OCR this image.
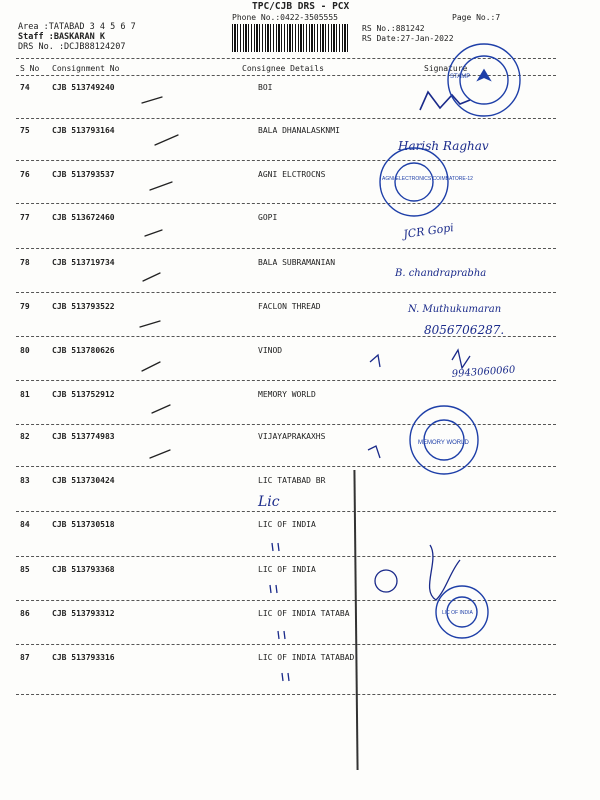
TPC/CJB DRS - PCX
Phone No.:0422-3505555	Page No.:7
Area :TATABAD 3 4 5 6 7
Staff :BASKARAN K
DRS No. :DCJB88124207
RS No.:881242
RS Date:27-Jan-2022
S No Consignment No	Consignee Details	Signature
74	CJB 513749240	BOI
75	CJB 513793164	BALA DHANALASKNMI
76	CJB 513793537	AGNI ELCTROCNS
77	CJB 513672460	GOPI
78	CJB 513719734	BALA SUBRAMANIAN
79	CJB 513793522	FACLON THREAD
80	CJB 513780626	VINOD
81	CJB 513752912	MEMORY WORLD
82	CJB 513774983	VIJAYAPRAKAXHS
83	CJB 513730424	LIC TATABAD BR
84	CJB 513730518	LIC OF INDIA
85	CJB 513793368	LIC OF INDIA
86	CJB 513793312	LIC OF INDIA TATABA
87	CJB 513793316	LIC OF INDIA TATABAD
Harish Raghav
JCR Gopi
B. chandraprabha
N. Muthukumaran
8056706287.
9943060060
Lic
STAMP
AGNI ELECTRONICS COIMBATORE-12
MEMORY WORLD
LIC OF INDIA
